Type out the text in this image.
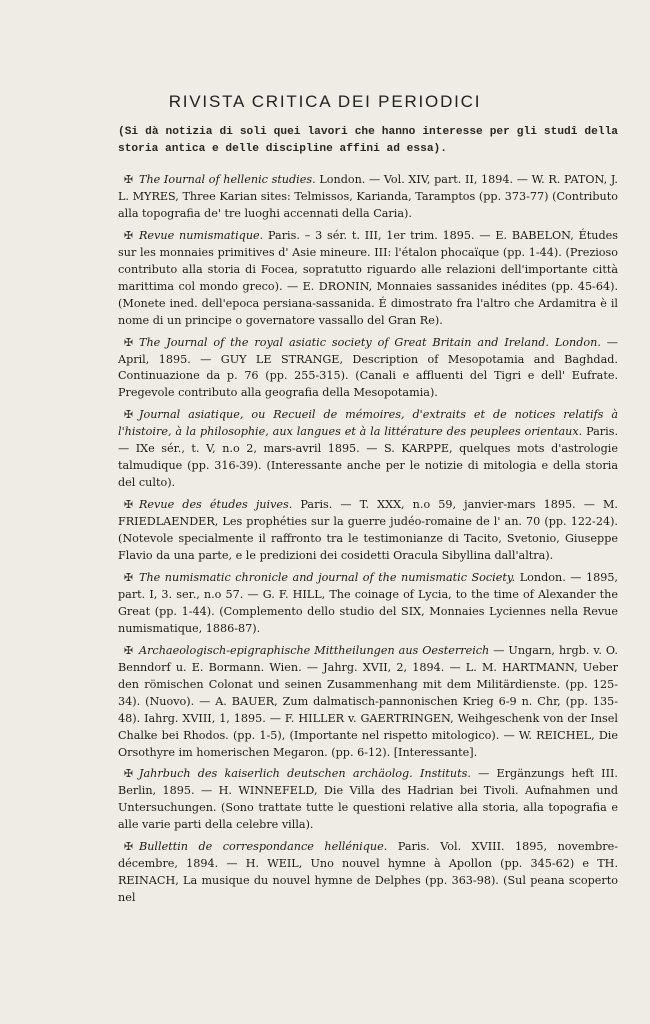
RIVISTA CRITICA DEI PERIODICI
(Si dà notizia di soli quei lavori che hanno interesse per gli studî della storia antica e delle discipline affini ad essa).

✠ The Iournal of hellenic studies. London. — Vol. XIV, part. II, 1894. — W. R. PATON, J. L. MYRES, Three Karian sites: Telmissos, Karianda, Taramptos (pp. 373-77) (Contributo alla topografia de' tre luoghi accennati della Caria).

✠ Revue numismatique. Paris. – 3 sér. t. III, 1er trim. 1895. — E. BABELON, Études sur les monnaies primitives d' Asie mineure. III: l'étalon phocaïque (pp. 1-44). (Prezioso contributo alla storia di Focea, sopratutto riguardo alle relazioni dell'importante città marittima col mondo greco). — E. DRONIN, Monnaies sassanides inédites (pp. 45-64). (Monete ined. dell'epoca persiana-sassanida. É dimostrato fra l'altro che Ardamitra è il nome di un principe o governatore vassallo del Gran Re).

✠ The Journal of the royal asiatic society of Great Britain and Ireland. London. — April, 1895. — GUY LE STRANGE, Description of Mesopotamia and Baghdad. Continuazione da p. 76 (pp. 255-315). (Canali e affluenti del Tigri e dell' Eufrate. Pregevole contributo alla geografia della Mesopotamia).

✠ Journal asiatique, ou Recueil de mémoires, d'extraits et de notices relatifs à l'histoire, à la philosophie, aux langues et à la littérature des peuplees orientaux. Paris. — IXe sér., t. V, n.o 2, mars-avril 1895. — S. KARPPE, quelques mots d'astrologie talmudique (pp. 316-39). (Interessante anche per le notizie di mitologia e della storia del culto).

✠ Revue des études juives. Paris. — T. XXX, n.o 59, janvier-mars 1895. — M. FRIEDLAENDER, Les prophéties sur la guerre judéo-romaine de l' an. 70 (pp. 122-24). (Notevole specialmente il raffronto tra le testimonianze di Tacito, Svetonio, Giuseppe Flavio da una parte, e le predizioni dei cosidetti Oracula Sibyllina dall'altra).

✠ The numismatic chronicle and journal of the numismatic Society. London. — 1895, part. I, 3. ser., n.o 57. — G. F. HILL, The coinage of Lycia, to the time of Alexander the Great (pp. 1-44). (Complemento dello studio del SIX, Monnaies Lyciennes nella Revue numismatique, 1886-87).

✠ Archaeologisch-epigraphische Mittheilungen aus Oesterreich — Ungarn, hrgb. v. O. Benndorf u. E. Bormann. Wien. — Jahrg. XVII, 2, 1894. — L. M. HARTMANN, Ueber den römischen Colonat und seinen Zusammenhang mit dem Militärdienste. (pp. 125-34). (Nuovo). — A. BAUER, Zum dalmatisch-pannonischen Krieg 6-9 n. Chr, (pp. 135-48). Iahrg. XVIII, 1, 1895. — F. HILLER v. GAERTRINGEN, Weihgeschenk von der Insel Chalke bei Rhodos. (pp. 1-5), (Importante nel rispetto mitologico). — W. REICHEL, Die Orsothyre im homerischen Megaron. (pp. 6-12). [Interessante].

✠ Jahrbuch des kaiserlich deutschen archäolog. Instituts. — Ergänzungs heft III. Berlin, 1895. — H. WINNEFELD, Die Villa des Hadrian bei Tivoli. Aufnahmen und Untersuchungen. (Sono trattate tutte le questioni relative alla storia, alla topografia e alle varie parti della celebre villa).

✠ Bullettin de correspondance hellénique. Paris. Vol. XVIII. 1895, novembre-décembre, 1894. — H. WEIL, Uno nouvel hymne à Apollon (pp. 345-62) e TH. REINACH, La musique du nouvel hymne de Delphes (pp. 363-98). (Sul peana scoperto nel
